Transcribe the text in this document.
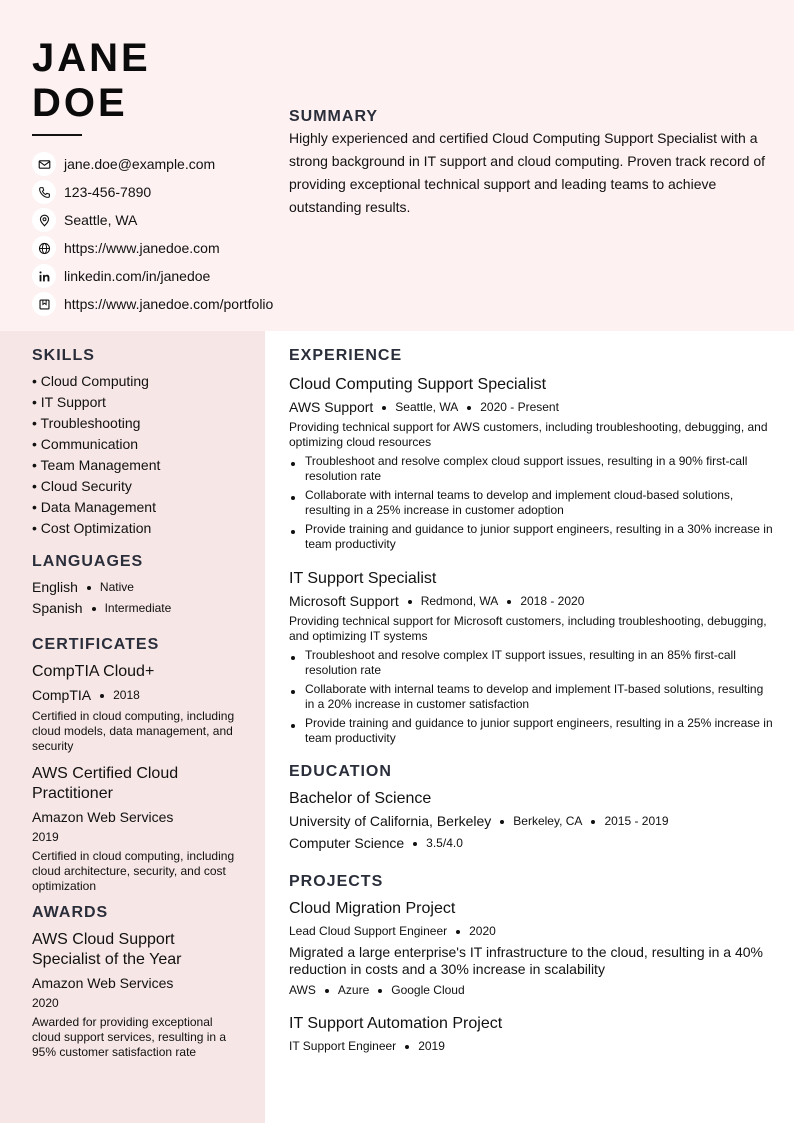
JANE
DOE
jane.doe@example.com
123-456-7890
Seattle, WA
https://www.janedoe.com
linkedin.com/in/janedoe
https://www.janedoe.com/portfolio
SUMMARY
Highly experienced and certified Cloud Computing Support Specialist with a strong background in IT support and cloud computing. Proven track record of providing exceptional technical support and leading teams to achieve outstanding results.
SKILLS
• Cloud Computing
• IT Support
• Troubleshooting
• Communication
• Team Management
• Cloud Security
• Data Management
• Cost Optimization
LANGUAGES
English Native
Spanish Intermediate
CERTIFICATES
CompTIA Cloud+
CompTIA 2018
Certified in cloud computing, including cloud models, data management, and security
AWS Certified Cloud Practitioner
Amazon Web Services
2019
Certified in cloud computing, including cloud architecture, security, and cost optimization
AWARDS
AWS Cloud Support Specialist of the Year
Amazon Web Services
2020
Awarded for providing exceptional cloud support services, resulting in a 95% customer satisfaction rate
EXPERIENCE
Cloud Computing Support Specialist
AWS Support Seattle, WA 2020 - Present
Providing technical support for AWS customers, including troubleshooting, debugging, and optimizing cloud resources
Troubleshoot and resolve complex cloud support issues, resulting in a 90% first-call resolution rate
Collaborate with internal teams to develop and implement cloud-based solutions, resulting in a 25% increase in customer adoption
Provide training and guidance to junior support engineers, resulting in a 30% increase in team productivity
IT Support Specialist
Microsoft Support Redmond, WA 2018 - 2020
Providing technical support for Microsoft customers, including troubleshooting, debugging, and optimizing IT systems
Troubleshoot and resolve complex IT support issues, resulting in an 85% first-call resolution rate
Collaborate with internal teams to develop and implement IT-based solutions, resulting in a 20% increase in customer satisfaction
Provide training and guidance to junior support engineers, resulting in a 25% increase in team productivity
EDUCATION
Bachelor of Science
University of California, Berkeley Berkeley, CA 2015 - 2019
Computer Science 3.5/4.0
PROJECTS
Cloud Migration Project
Lead Cloud Support Engineer 2020
Migrated a large enterprise's IT infrastructure to the cloud, resulting in a 40% reduction in costs and a 30% increase in scalability
AWS Azure Google Cloud
IT Support Automation Project
IT Support Engineer 2019
